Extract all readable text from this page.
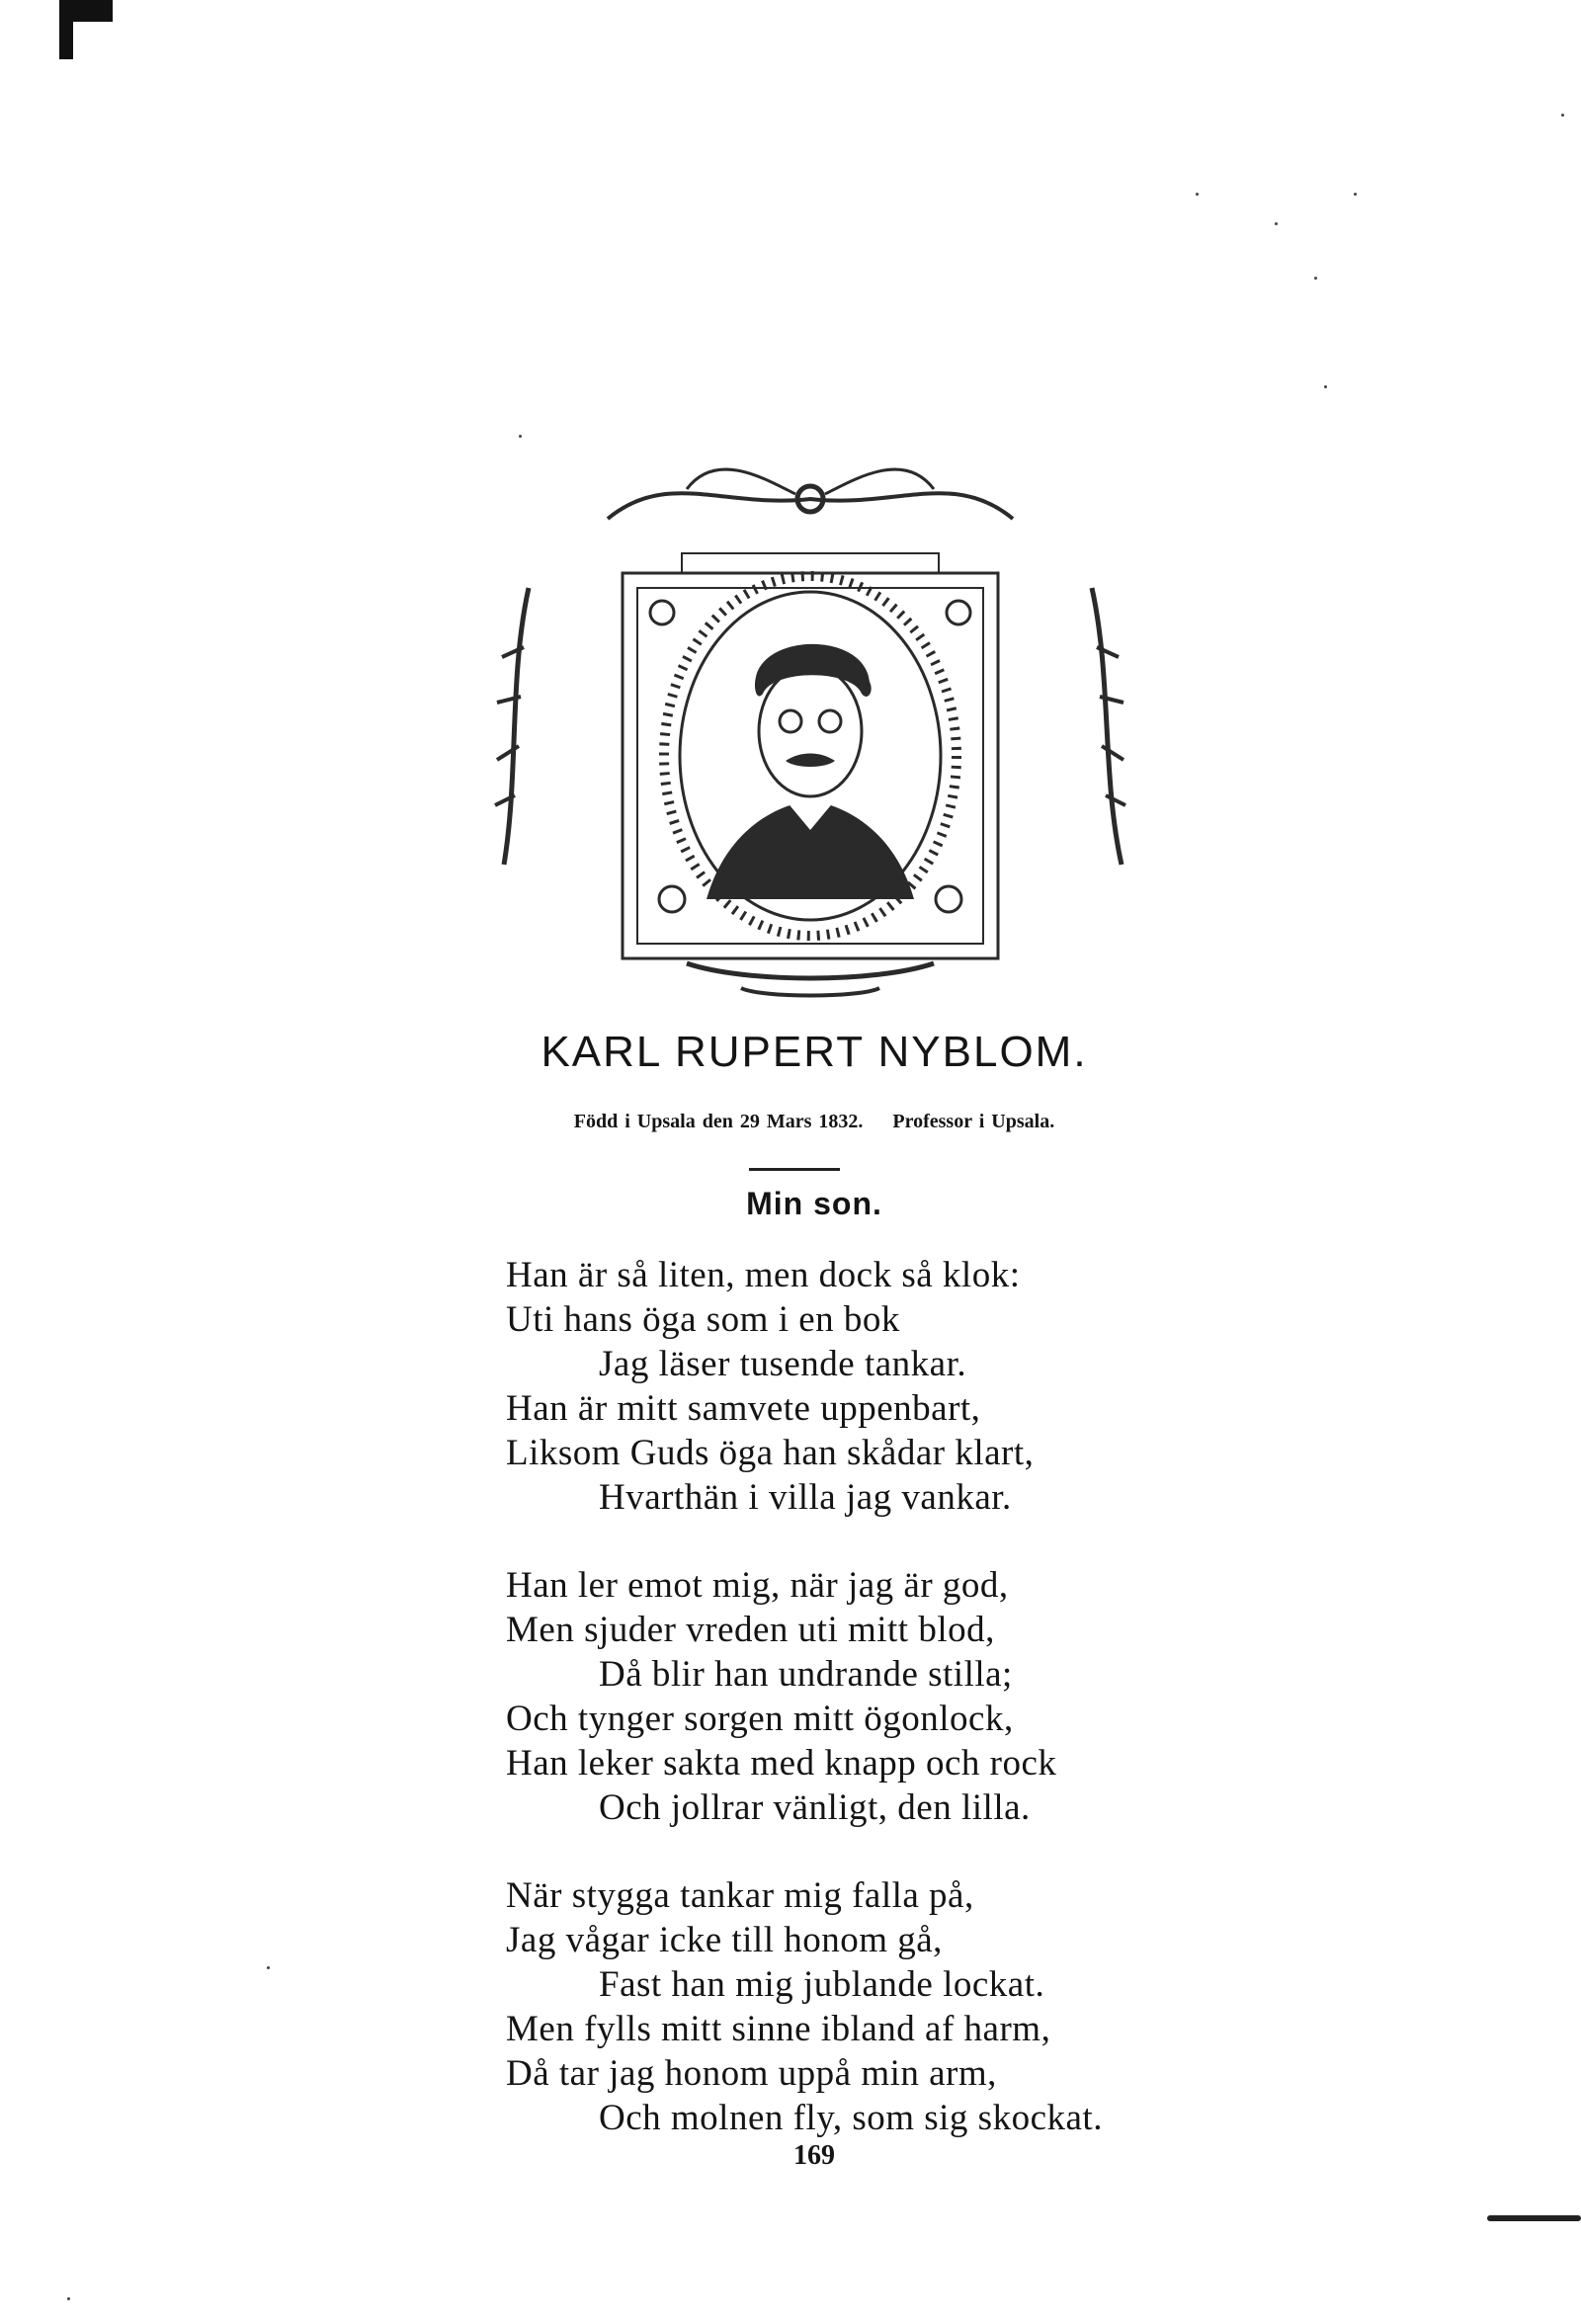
KARL RUPERT NYBLOM.
Född i Upsala den 29 Mars 1832. Professor i Upsala.
Min son.
Han är så liten, men dock så klok:
Uti hans öga som i en bok
Jag läser tusende tankar.
Han är mitt samvete uppenbart,
Liksom Guds öga han skådar klart,
Hvarthän i villa jag vankar.
Han ler emot mig, när jag är god,
Men sjuder vreden uti mitt blod,
Då blir han undrande stilla;
Och tynger sorgen mitt ögonlock,
Han leker sakta med knapp och rock
Och jollrar vänligt, den lilla.
När stygga tankar mig falla på,
Jag vågar icke till honom gå,
Fast han mig jublande lockat.
Men fylls mitt sinne ibland af harm,
Då tar jag honom uppå min arm,
Och molnen fly, som sig skockat.
169
